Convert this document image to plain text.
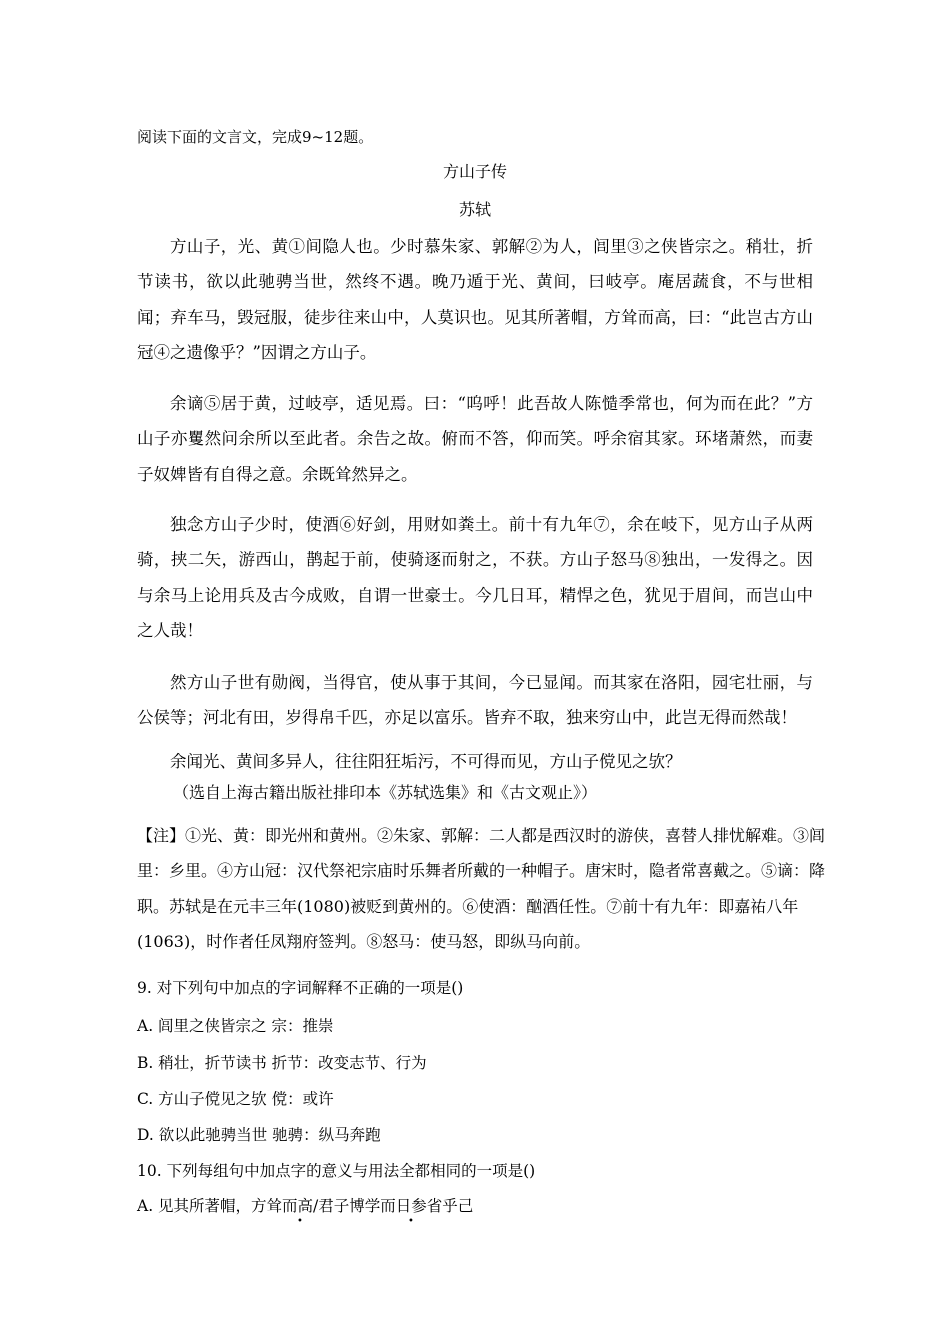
阅读下面的文言文，完成9~12题。
方山子传
苏轼

方山子，光、黄①间隐人也。少时慕朱家、郭解②为人，闾里③之侠皆宗之。稍壮，折节读书，欲以此驰骋当世，然终不遇。晚乃遁于光、黄间，曰岐亭。庵居蔬食，不与世相闻；弃车马，毁冠服，徒步往来山中，人莫识也。见其所著帽，方耸而高，曰：“此岂古方山冠④之遗像乎？”因谓之方山子。

余谪⑤居于黄，过岐亭，适见焉。曰：“呜呼！此吾故人陈慥季常也，何为而在此？”方山子亦矍然问余所以至此者。余告之故。俯而不答，仰而笑。呼余宿其家。环堵萧然，而妻子奴婢皆有自得之意。余既耸然异之。

独念方山子少时，使酒⑥好剑，用财如粪土。前十有九年⑦，余在岐下，见方山子从两骑，挟二矢，游西山，鹊起于前，使骑逐而射之，不获。方山子怒马⑧独出，一发得之。因与余马上论用兵及古今成败，自谓一世豪士。今几日耳，精悍之色，犹见于眉间，而岂山中之人哉！

然方山子世有勋阀，当得官，使从事于其间，今已显闻。而其家在洛阳，园宅壮丽，与公侯等；河北有田，岁得帛千匹，亦足以富乐。皆弃不取，独来穷山中，此岂无得而然哉！

余闻光、黄间多异人，往往阳狂垢污，不可得而见，方山子傥见之欤？

（选自上海古籍出版社排印本《苏轼选集》和《古文观止》）

【注】①光、黄：即光州和黄州。②朱家、郭解：二人都是西汉时的游侠，喜替人排忧解难。③闾里：乡里。④方山冠：汉代祭祀宗庙时乐舞者所戴的一种帽子。唐宋时，隐者常喜戴之。⑤谪：降职。苏轼是在元丰三年(1080)被贬到黄州的。⑥使酒：酗酒任性。⑦前十有九年：即嘉祐八年(1063)，时作者任凤翔府签判。⑧怒马：使马怒，即纵马向前。

9. 对下列句中加点的字词解释不正确的一项是()
A. 闾里之侠皆宗之 宗：推崇
B. 稍壮，折节读书 折节：改变志节、行为
C. 方山子傥见之欤 傥：或许
D. 欲以此驰骋当世 驰骋：纵马奔跑
10. 下列每组句中加点字的意义与用法全都相同的一项是()
A. 见其所著帽，方耸而高/君子博学而日参省乎己
•	•
